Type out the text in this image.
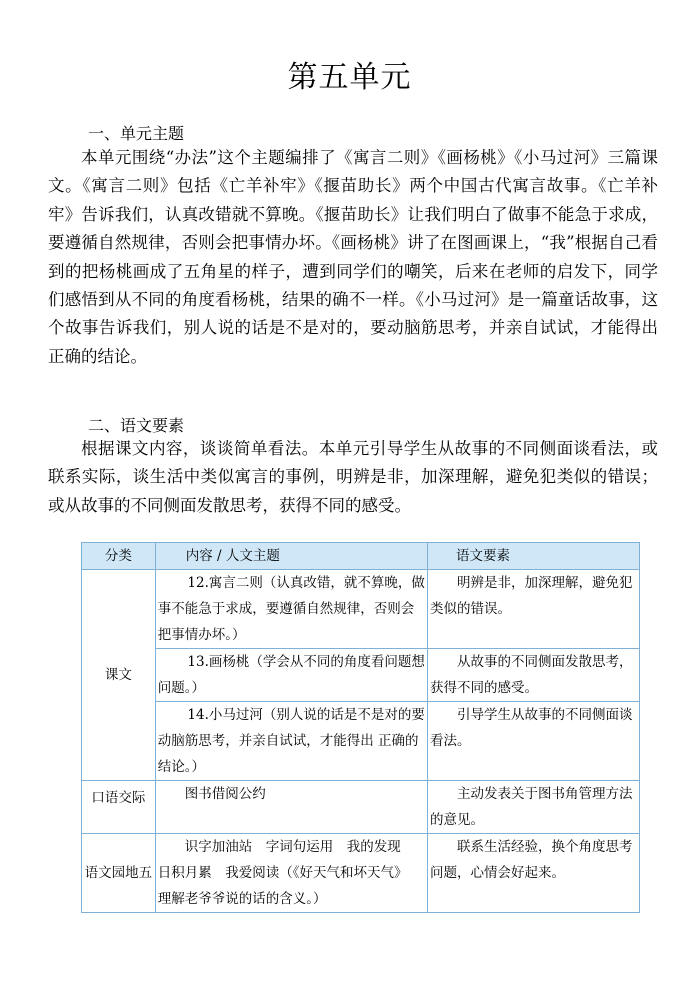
第五单元
一、单元主题
本单元围绕“办法”这个主题编排了《寓言二则》《画杨桃》《小马过河》三篇课文。《寓言二则》包括《亡羊补牢》《揠苗助长》两个中国古代寓言故事。《亡羊补牢》告诉我们，认真改错就不算晚。《揠苗助长》让我们明白了做事不能急于求成，要遵循自然规律，否则会把事情办坏。《画杨桃》讲了在图画课上，“我”根据自己看到的把杨桃画成了五角星的样子，遭到同学们的嘲笑，后来在老师的启发下，同学们感悟到从不同的角度看杨桃，结果的确不一样。《小马过河》是一篇童话故事，这个故事告诉我们，别人说的话是不是对的，要动脑筋思考，并亲自试试，才能得出正确的结论。
二、语文要素
根据课文内容，谈谈简单看法。本单元引导学生从故事的不同侧面谈看法，或联系实际，谈生活中类似寓言的事例，明辨是非，加深理解，避免犯类似的错误；或从故事的不同侧面发散思考，获得不同的感受。
分类	内容 / 人文主题	语文要素
课文	12.寓言二则（认真改错，就不算晚，做事不能急于求成，要遵循自然规律，否则会把事情办坏。）	明辨是非，加深理解，避免犯类似的错误。
	13.画杨桃（学会从不同的角度看问题想问题。）	从故事的不同侧面发散思考，获得不同的感受。
	14.小马过河（别人说的话是不是对的要动脑筋思考，并亲自试试，才能得出 正确的结论。）	引导学生从故事的不同侧面谈看法。
口语交际	图书借阅公约	主动发表关于图书角管理方法的意见。
语文园地五	识字加油站　字词句运用　我的发现　日积月累　我爱阅读（《好天气和坏天气》 理解老爷爷说的话的含义。）	联系生活经验，换个角度思考问题，心情会好起来。
